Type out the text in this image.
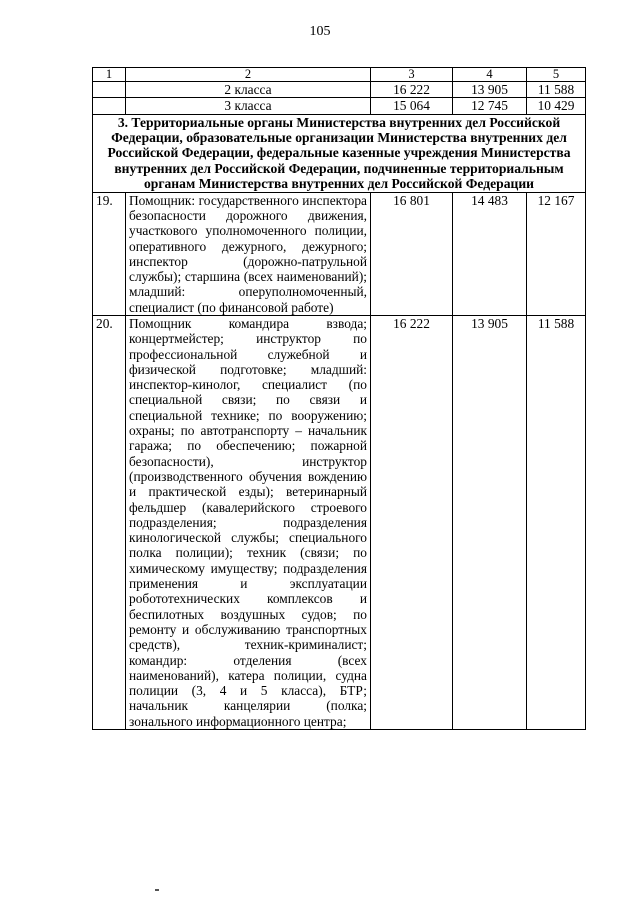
105
1	2	3	4	5
	2 класса	16 222	13 905	11 588
	3 класса	15 064	12 745	10 429
3. Территориальные органы Министерства внутренних дел Российской Федерации, образовательные организации Министерства внутренних дел Российской Федерации, федеральные казенные учреждения Министерства внутренних дел Российской Федерации, подчиненные территориальным органам Министерства внутренних дел Российской Федерации				
19.	Помощник: государственного инспектора безопасности дорожного движения, участкового уполномоченного полиции, оперативного дежурного, дежурного; инспектор (дорожно-патрульной службы); старшина (всех наименований); младший: оперуполномоченный, специалист (по финансовой работе)	16 801	14 483	12 167
20.	Помощник командира взвода; концертмейстер; инструктор по профессиональной служебной и физической подготовке; младший: инспектор-кинолог, специалист (по специальной связи; по связи и специальной технике; по вооружению; охраны; по автотранспорту – начальник гаража; по обеспечению; пожарной безопасности), инструктор (производственного обучения вождению и практической езды); ветеринарный фельдшер (кавалерийского строевого подразделения; подразделения кинологической службы; специального полка полиции); техник (связи; по химическому имуществу; подразделения применения и эксплуатации робототехнических комплексов и беспилотных воздушных судов; по ремонту и обслуживанию транспортных средств), техник-криминалист; командир: отделения (всех наименований), катера полиции, судна полиции (3, 4 и 5 класса), БТР; начальник канцелярии (полка; зонального информационного центра;	16 222	13 905	11 588
